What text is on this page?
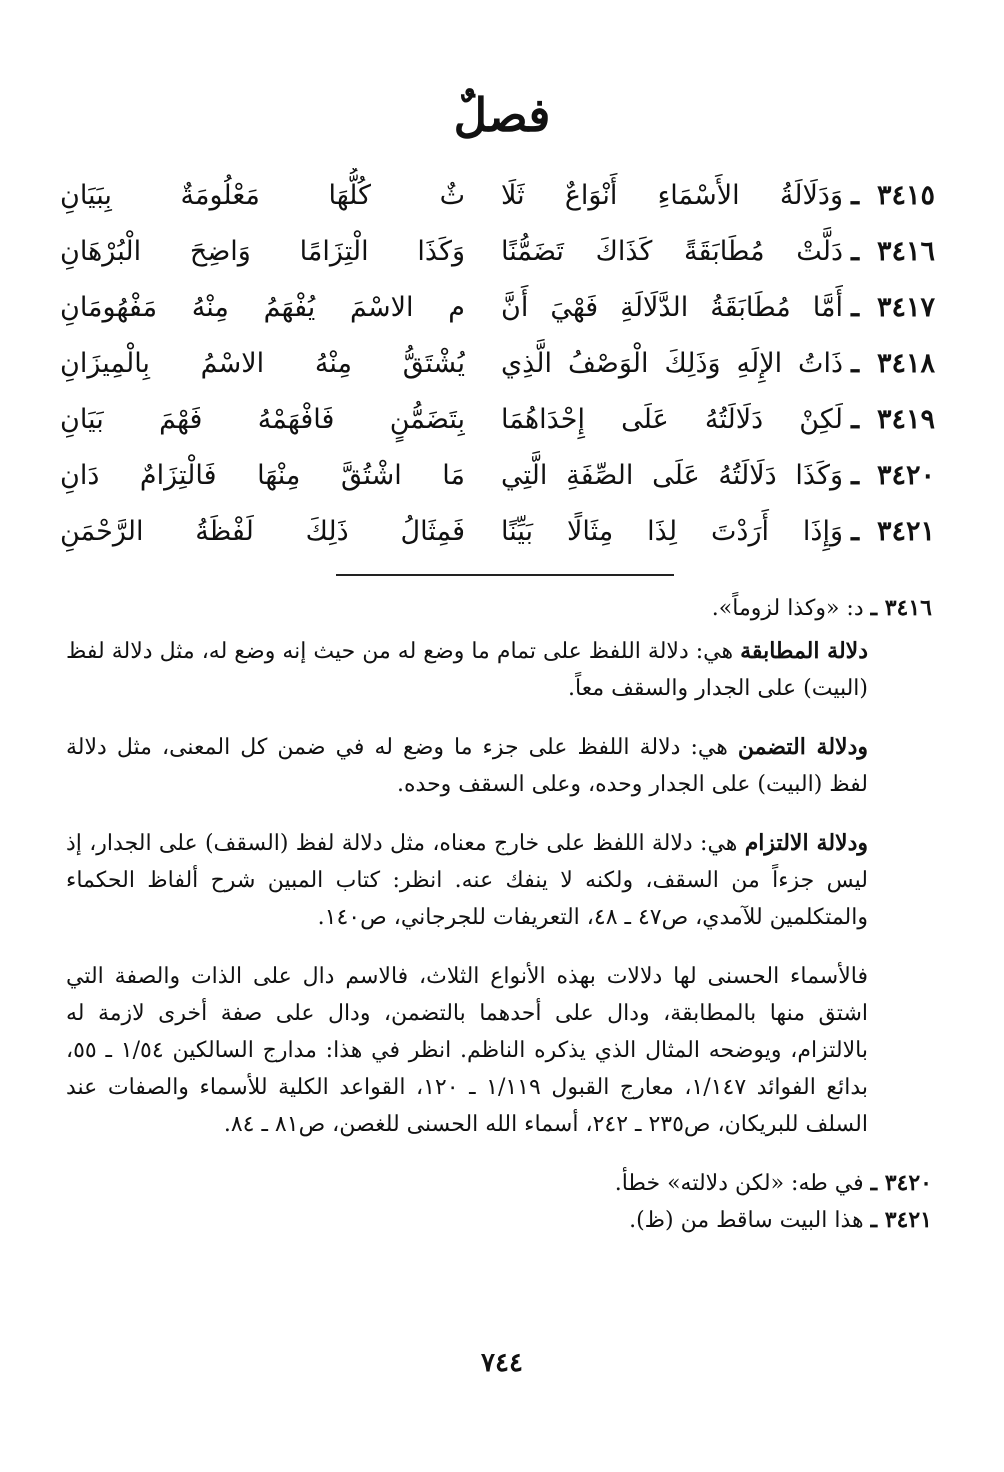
فصلٌ
٣٤١٥
ـ
وَدَلَالَةُ الأَسْمَاءِ أَنْوَاعٌ ثَلَا
ثٌ كُلُّهَا مَعْلُومَةٌ بِبَيَانِ
٣٤١٦
ـ
دَلَّتْ مُطَابَقَةً كَذَاكَ تَضَمُّنًا
وَكَذَا الْتِزَامًا وَاضِحَ الْبُرْهَانِ
٣٤١٧
ـ
أَمَّا مُطَابَقَةُ الدَّلَالَةِ فَهْيَ أَنَّ
م الاسْمَ يُفْهَمُ مِنْهُ مَفْهُومَانِ
٣٤١٨
ـ
ذَاتُ الإِلَهِ وَذَلِكَ الْوَصْفُ الَّذِي
يُشْتَقُّ مِنْهُ الاسْمُ بِالْمِيزَانِ
٣٤١٩
ـ
لَكِنْ دَلَالَتُهُ عَلَى إِحْدَاهُمَا
بِتَضَمُّنٍ فَافْهَمْهُ فَهْمَ بَيَانِ
٣٤٢٠
ـ
وَكَذَا دَلَالَتُهُ عَلَى الصِّفَةِ الَّتِي
مَا اشْتُقَّ مِنْهَا فَالْتِزَامٌ دَانِ
٣٤٢١
ـ
وَإِذَا أَرَدْتَ لِذَا مِثَالًا بَيِّنًا
فَمِثَالُ ذَلِكَ لَفْظَةُ الرَّحْمَنِ

٣٤١٦ ـ د: «وكذا لزوماً».

دلالة المطابقة هي: دلالة اللفظ على تمام ما وضع له من حيث إنه وضع له، مثل دلالة لفظ (البيت) على الجدار والسقف معاً.

ودلالة التضمن هي: دلالة اللفظ على جزء ما وضع له في ضمن كل المعنى، مثل دلالة لفظ (البيت) على الجدار وحده، وعلى السقف وحده.

ودلالة الالتزام هي: دلالة اللفظ على خارج معناه، مثل دلالة لفظ (السقف) على الجدار، إذ ليس جزءاً من السقف، ولكنه لا ينفك عنه. انظر: كتاب المبين شرح ألفاظ الحكماء والمتكلمين للآمدي، ص٤٧ ـ ٤٨، التعريفات للجرجاني، ص١٤٠.

فالأسماء الحسنى لها دلالات بهذه الأنواع الثلاث، فالاسم دال على الذات والصفة التي اشتق منها بالمطابقة، ودال على أحدهما بالتضمن، ودال على صفة أخرى لازمة له بالالتزام، ويوضحه المثال الذي يذكره الناظم. انظر في هذا: مدارج السالكين ١/٥٤ ـ ٥٥، بدائع الفوائد ١/١٤٧، معارج القبول ١/١١٩ ـ ١٢٠، القواعد الكلية للأسماء والصفات عند السلف للبريكان، ص٢٣٥ ـ ٢٤٢، أسماء الله الحسنى للغصن، ص٨١ ـ ٨٤.

٣٤٢٠ ـ في طه: «لكن دلالته» خطأ.

٣٤٢١ ـ هذا البيت ساقط من (ظ).

٧٤٤
